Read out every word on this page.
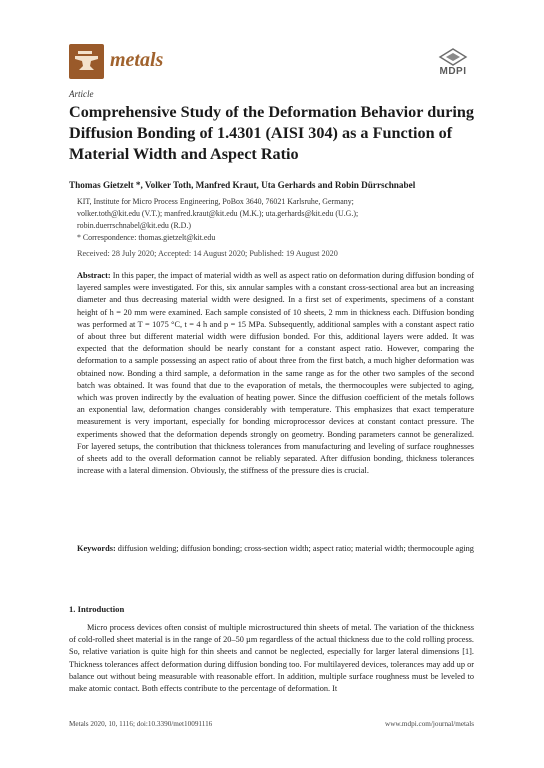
metals
MDPI
Article
Comprehensive Study of the Deformation Behavior during Diffusion Bonding of 1.4301 (AISI 304) as a Function of Material Width and Aspect Ratio
Thomas Gietzelt *, Volker Toth, Manfred Kraut, Uta Gerhards and Robin Dürrschnabel
KIT, Institute for Micro Process Engineering, PoBox 3640, 76021 Karlsruhe, Germany;
volker.toth@kit.edu (V.T.); manfred.kraut@kit.edu (M.K.); uta.gerhards@kit.edu (U.G.);
robin.duerrschnabel@kit.edu (R.D.)
* Correspondence: thomas.gietzelt@kit.edu
Received: 28 July 2020; Accepted: 14 August 2020; Published: 19 August 2020
Abstract: In this paper, the impact of material width as well as aspect ratio on deformation during diffusion bonding of layered samples were investigated. For this, six annular samples with a constant cross-sectional area but an increasing diameter and thus decreasing material width were designed. In a first set of experiments, specimens of a constant height of h = 20 mm were examined. Each sample consisted of 10 sheets, 2 mm in thickness each. Diffusion bonding was performed at T = 1075 °C, t = 4 h and p = 15 MPa. Subsequently, additional samples with a constant aspect ratio of about three but different material width were diffusion bonded. For this, additional layers were added. It was expected that the deformation should be nearly constant for a constant aspect ratio. However, comparing the deformation to a sample possessing an aspect ratio of about three from the first batch, a much higher deformation was obtained now. Bonding a third sample, a deformation in the same range as for the other two samples of the second batch was obtained. It was found that due to the evaporation of metals, the thermocouples were subjected to aging, which was proven indirectly by the evaluation of heating power. Since the diffusion coefficient of the metals follows an exponential law, deformation changes considerably with temperature. This emphasizes that exact temperature measurement is very important, especially for bonding microprocessor devices at constant contact pressure. The experiments showed that the deformation depends strongly on geometry. Bonding parameters cannot be generalized. For layered setups, the contribution that thickness tolerances from manufacturing and leveling of surface roughnesses of sheets add to the overall deformation cannot be reliably separated. After diffusion bonding, thickness tolerances increase with a lateral dimension. Obviously, the stiffness of the pressure dies is crucial.
Keywords: diffusion welding; diffusion bonding; cross-section width; aspect ratio; material width; thermocouple aging
1. Introduction
Micro process devices often consist of multiple microstructured thin sheets of metal. The variation of the thickness of cold-rolled sheet material is in the range of 20–50 µm regardless of the actual thickness due to the cold rolling process. So, relative variation is quite high for thin sheets and cannot be neglected, especially for larger lateral dimensions [1]. Thickness tolerances affect deformation during diffusion bonding too. For multilayered devices, tolerances may add up or balance out without being measurable with reasonable effort. In addition, multiple surface roughness must be leveled to make atomic contact. Both effects contribute to the percentage of deformation. It
Metals 2020, 10, 1116; doi:10.3390/met10091116	www.mdpi.com/journal/metals
